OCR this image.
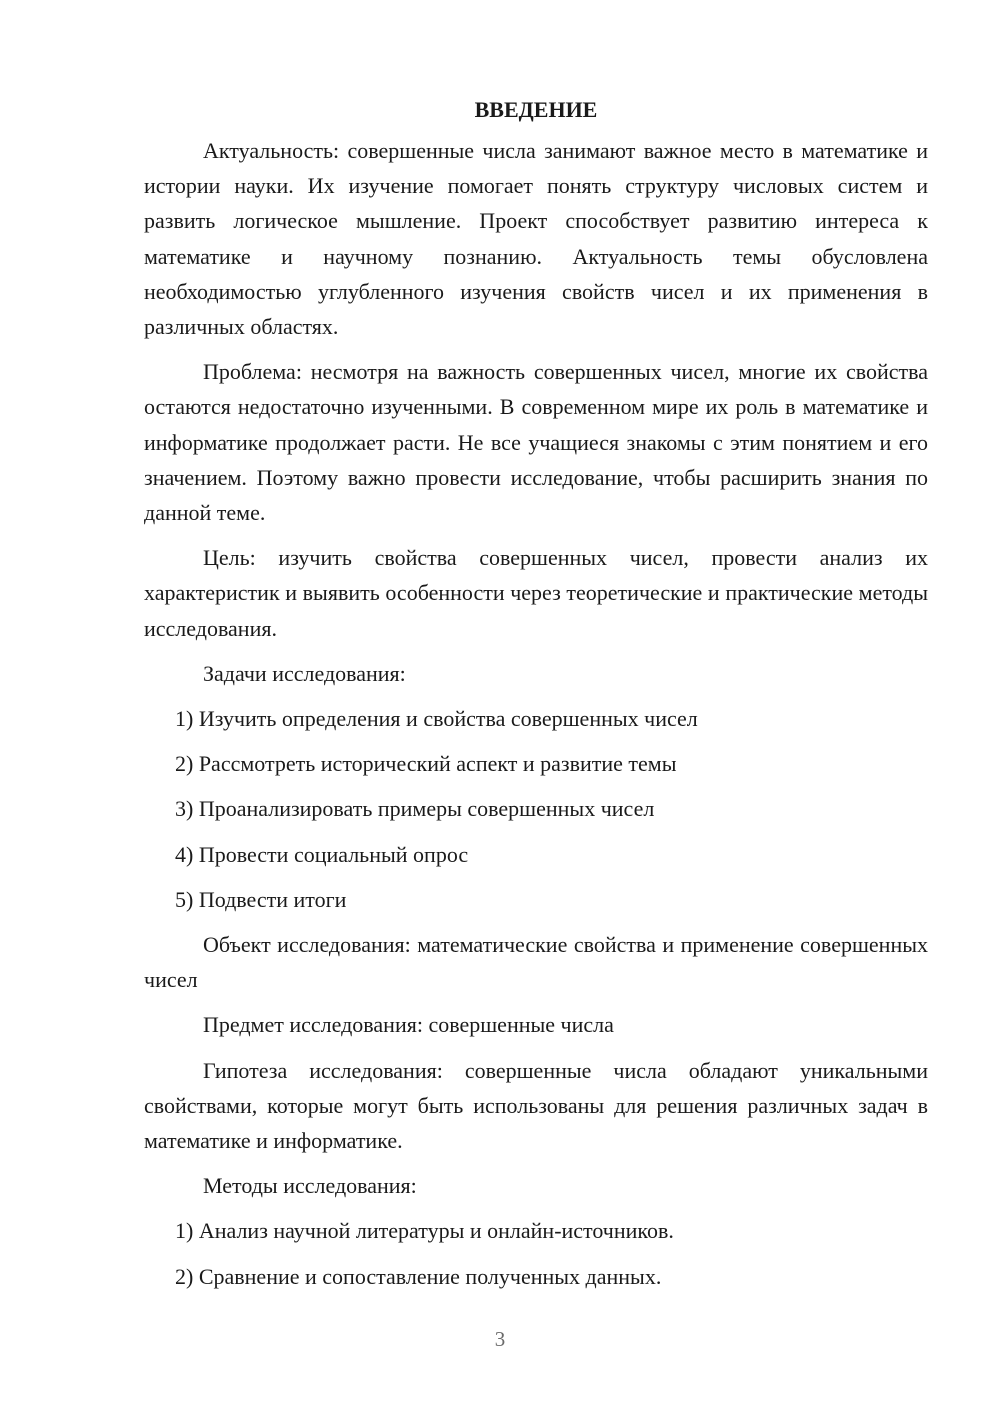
ВВЕДЕНИЕ

Актуальность: совершенные числа занимают важное место в математике и истории науки. Их изучение помогает понять структуру числовых систем и развить логическое мышление. Проект способствует развитию интереса к математике и научному познанию. Актуальность темы обусловлена необходимостью углубленного изучения свойств чисел и их применения в различных областях.

Проблема: несмотря на важность совершенных чисел, многие их свойства остаются недостаточно изученными. В современном мире их роль в математике и информатике продолжает расти. Не все учащиеся знакомы с этим понятием и его значением. Поэтому важно провести исследование, чтобы расширить знания по данной теме.

Цель: изучить свойства совершенных чисел, провести анализ их характеристик и выявить особенности через теоретические и практические методы исследования.

Задачи исследования:
1) Изучить определения и свойства совершенных чисел
2) Рассмотреть исторический аспект и развитие темы
3) Проанализировать примеры совершенных чисел
4) Провести социальный опрос
5) Подвести итоги

Объект исследования: математические свойства и применение совершенных чисел

Предмет исследования: совершенные числа

Гипотеза исследования: совершенные числа обладают уникальными свойствами, которые могут быть использованы для решения различных задач в математике и информатике.

Методы исследования:
1) Анализ научной литературы и онлайн-источников.
2) Сравнение и сопоставление полученных данных.
3
